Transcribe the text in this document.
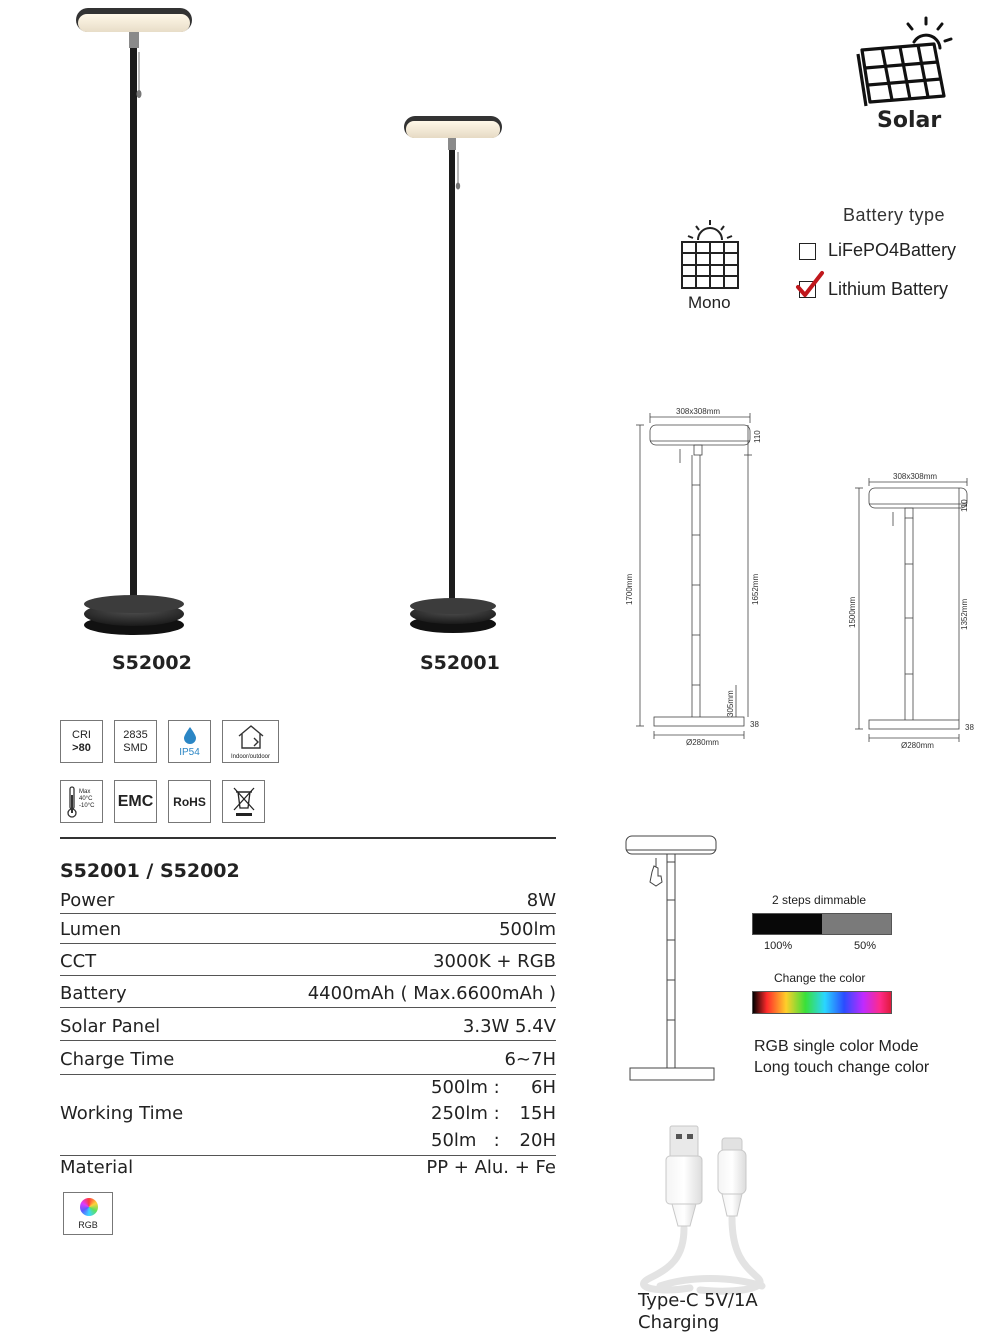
S52002	S52001
Solar
Mono
Battery type
LiFePO4Battery
Lithium Battery
308x308mm
110
1700mm	1652mm
305mm
38
Ø280mm
308x308mm
110
1500mm	1352mm
38
Ø280mm
CRI
>80
2835
SMD	IP54	Indoor/outdoor
Max
40°C
-10°C EMC	RoHS
S52001 / S52002
Power	8W
Lumen	500lm
CCT	3000K + RGB
Battery	4400mAh ( Max.6600mAh )
Solar Panel	3.3W 5.4V
Charge Time	6~7H
Working Time
500lm : 6H
250lm : 15H
50lm   : 20H
Material	PP + Alu. + Fe
RGB
2 steps dimmable
100%	50%
Change the color
RGB single color Mode
Long touch change color
Type-C 5V/1A
Charging
